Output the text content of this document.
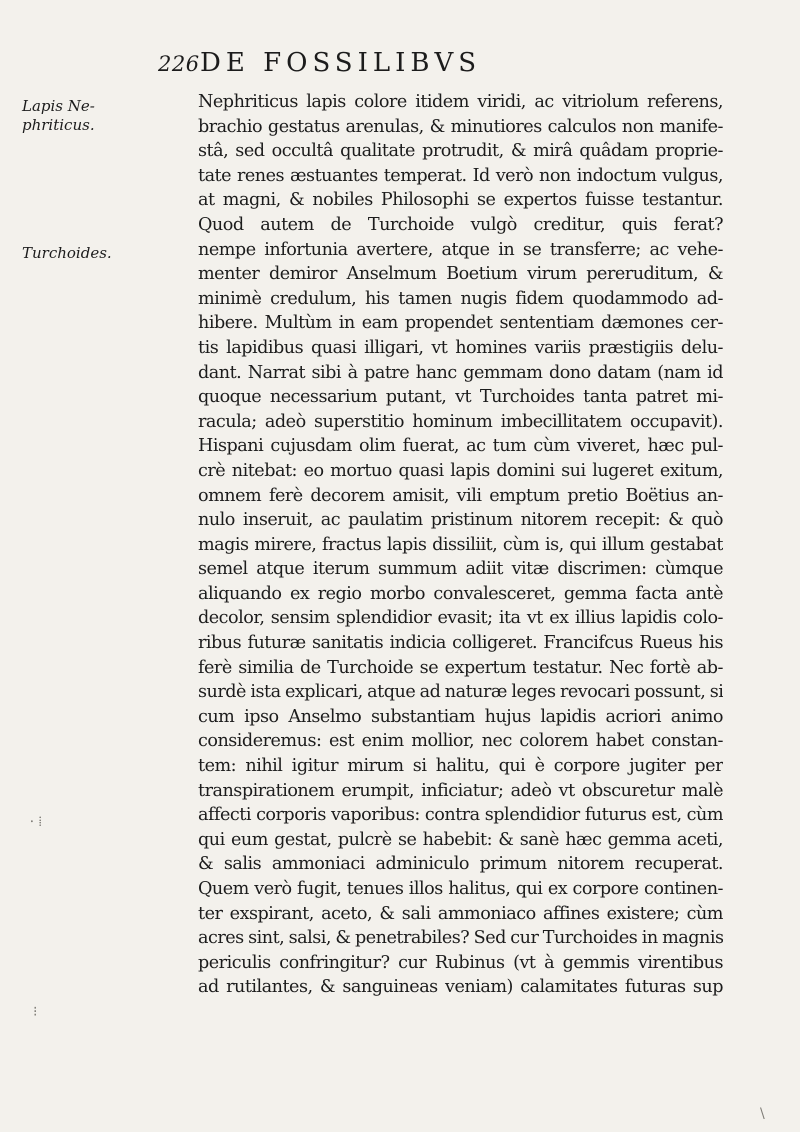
226 DE FOSSILIBVS
Lapis Ne-
phriticus.
Turchoides.
Nephriticus lapis colore itidem viridi, ac vitriolum referens,
brachio gestatus arenulas, & minutiores calculos non manife-
stâ, sed occultâ qualitate protrudit, & mirâ quâdam proprie-
tate renes æstuantes temperat. Id verò non indoctum vulgus,
at magni, & nobiles Philosophi se expertos fuisse testantur.
Quod autem de Turchoide vulgò creditur, quis ferat?
nempe infortunia avertere, atque in se transferre; ac vehe-
menter demiror Anselmum Boetium virum pereruditum, &
minimè credulum, his tamen nugis fidem quodammodo ad-
hibere. Multùm in eam propendet sententiam dæmones cer-
tis lapidibus quasi illigari, vt homines variis præstigiis delu-
dant. Narrat sibi à patre hanc gemmam dono datam (nam id
quoque necessarium putant, vt Turchoides tanta patret mi-
racula; adeò superstitio hominum imbecillitatem occupavit).
Hispani cujusdam olim fuerat, ac tum cùm viveret, hæc pul-
crè nitebat: eo mortuo quasi lapis domini sui lugeret exitum,
omnem ferè decorem amisit, vili emptum pretio Boëtius an-
nulo inseruit, ac paulatim pristinum nitorem recepit: & quò
magis mirere, fractus lapis dissiliit, cùm is, qui illum gestabat
semel atque iterum summum adiit vitæ discrimen: cùmque
aliquando ex regio morbo convalesceret, gemma facta antè
decolor, sensim splendidior evasit; ita vt ex illius lapidis colo-
ribus futuræ sanitatis indicia colligeret. Francifcus Rueus his
ferè similia de Turchoide se expertum testatur. Nec fortè ab-
surdè ista explicari, atque ad naturæ leges revocari possunt, si
cum ipso Anselmo substantiam hujus lapidis acriori animo
consideremus: est enim mollior, nec colorem habet constan-
tem: nihil igitur mirum si halitu, qui è corpore jugiter per
transpirationem erumpit, inficiatur; adeò vt obscuretur malè
affecti corporis vaporibus: contra splendidior futurus est, cùm
qui eum gestat, pulcrè se habebit: & sanè hæc gemma aceti,
& salis ammoniaci adminiculo primum nitorem recuperat.
Quem verò fugit, tenues illos halitus, qui ex corpore continen-
ter exspirant, aceto, & sali ammoniaco affines existere; cùm
acres sint, salsi, & penetrabiles? Sed cur Turchoides in magnis
periculis confringitur? cur Rubinus (vt à gemmis virentibus
ad rutilantes, & sanguineas veniam) calamitates futuras sup
⸱ ⁞
⁝
\
